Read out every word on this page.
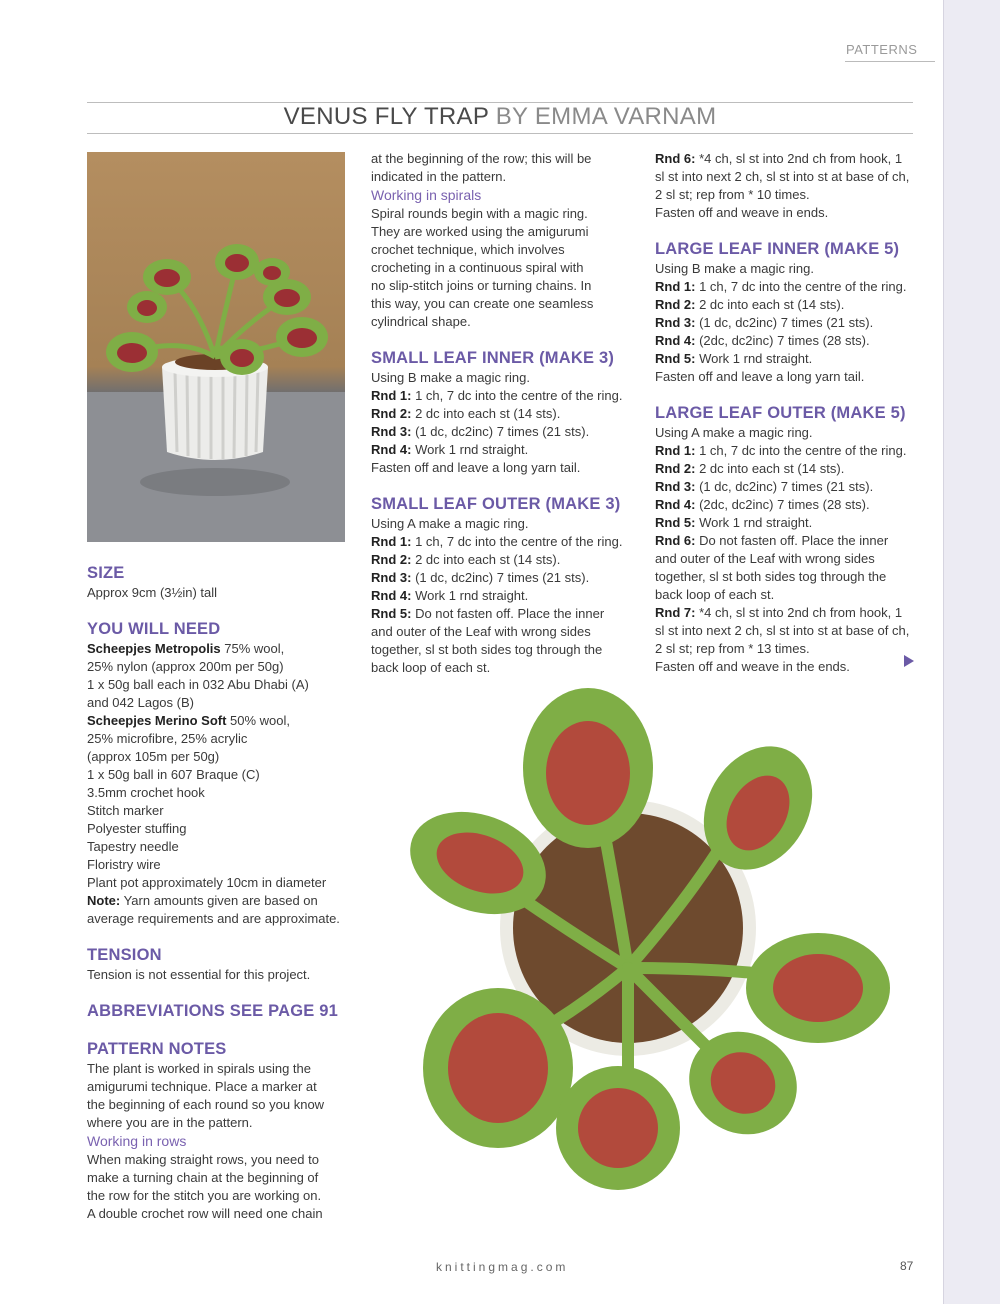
PATTERNS
VENUS FLY TRAP BY EMMA VARNAM

SIZE

Approx 9cm (3½in) tall

YOU WILL NEED

Scheepjes Metropolis 75% wool,

25% nylon (approx 200m per 50g)

1 x 50g ball each in 032 Abu Dhabi (A)

and 042 Lagos (B)

Scheepjes Merino Soft 50% wool,

25% microfibre, 25% acrylic

(approx 105m per 50g)

1 x 50g ball in 607 Braque (C)

3.5mm crochet hook

Stitch marker

Polyester stuffing

Tapestry needle

Floristry wire

Plant pot approximately 10cm in diameter

Note: Yarn amounts given are based on

average requirements and are approximate.

TENSION

Tension is not essential for this project.

ABBREVIATIONS SEE PAGE 91

PATTERN NOTES

The plant is worked in spirals using the

amigurumi technique. Place a marker at

the beginning of each round so you know

where you are in the pattern.

Working in rows

When making straight rows, you need to

make a turning chain at the beginning of

the row for the stitch you are working on.

A double crochet row will need one chain

at the beginning of the row; this will be

indicated in the pattern.

Working in spirals

Spiral rounds begin with a magic ring.

They are worked using the amigurumi

crochet technique, which involves

crocheting in a continuous spiral with

no slip-stitch joins or turning chains. In

this way, you can create one seamless

cylindrical shape.

SMALL LEAF INNER (MAKE 3)

Using B make a magic ring.

Rnd 1: 1 ch, 7 dc into the centre of the ring.

Rnd 2: 2 dc into each st (14 sts).

Rnd 3: (1 dc, dc2inc) 7 times (21 sts).

Rnd 4: Work 1 rnd straight.

Fasten off and leave a long yarn tail.

SMALL LEAF OUTER (MAKE 3)

Using A make a magic ring.

Rnd 1: 1 ch, 7 dc into the centre of the ring.

Rnd 2: 2 dc into each st (14 sts).

Rnd 3: (1 dc, dc2inc) 7 times (21 sts).

Rnd 4: Work 1 rnd straight.

Rnd 5: Do not fasten off. Place the inner

and outer of the Leaf with wrong sides

together, sl st both sides tog through the

back loop of each st.

Rnd 6: *4 ch, sl st into 2nd ch from hook, 1

sl st into next 2 ch, sl st into st at base of ch,

2 sl st; rep from * 10 times.

Fasten off and weave in ends.

LARGE LEAF INNER (MAKE 5)

Using B make a magic ring.

Rnd 1: 1 ch, 7 dc into the centre of the ring.

Rnd 2: 2 dc into each st (14 sts).

Rnd 3: (1 dc, dc2inc) 7 times (21 sts).

Rnd 4: (2dc, dc2inc) 7 times (28 sts).

Rnd 5: Work 1 rnd straight.

Fasten off and leave a long yarn tail.

LARGE LEAF OUTER (MAKE 5)

Using A make a magic ring.

Rnd 1: 1 ch, 7 dc into the centre of the ring.

Rnd 2: 2 dc into each st (14 sts).

Rnd 3: (1 dc, dc2inc) 7 times (21 sts).

Rnd 4: (2dc, dc2inc) 7 times (28 sts).

Rnd 5: Work 1 rnd straight.

Rnd 6: Do not fasten off. Place the inner

and outer of the Leaf with wrong sides

together, sl st both sides tog through the

back loop of each st.

Rnd 7: *4 ch, sl st into 2nd ch from hook, 1

sl st into next 2 ch, sl st into st at base of ch,

2 sl st; rep from * 13 times.

Fasten off and weave in the ends.

knittingmag.com	87
